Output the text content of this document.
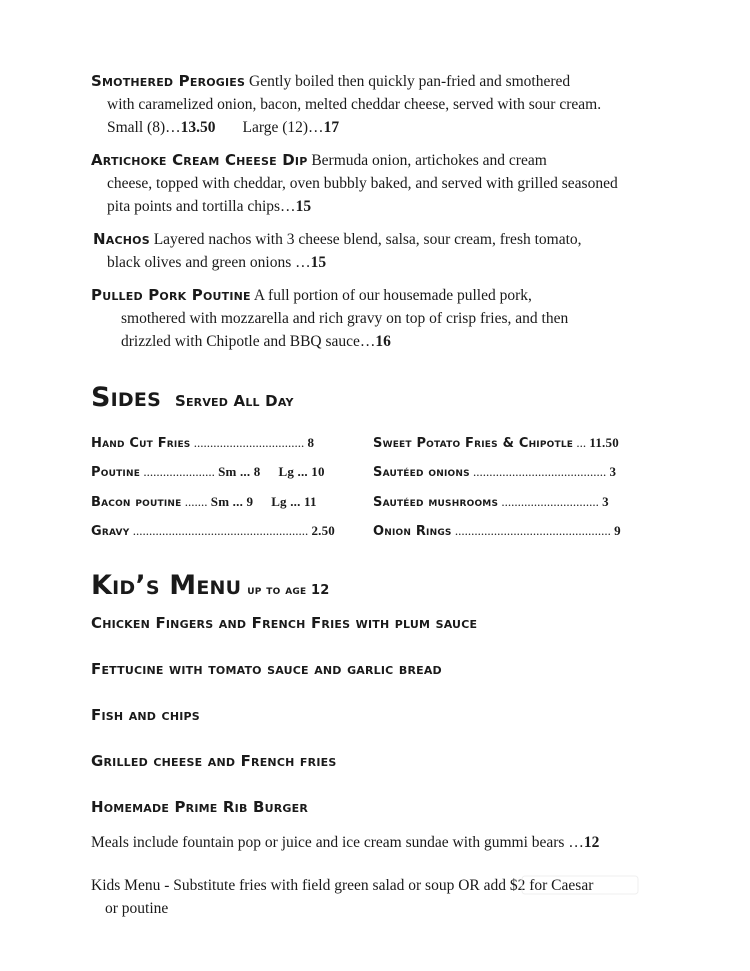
Smothered Perogies Gently boiled then quickly pan-fried and smothered
with caramelized onion, bacon, melted cheddar cheese, served with sour cream.
Small (8)…13.50 Large (12)…17
Artichoke Cream Cheese Dip Bermuda onion, artichokes and cream
cheese, topped with cheddar, oven bubbly baked, and served with grilled seasoned
pita points and tortilla chips…15
Nachos Layered nachos with 3 cheese blend, salsa, sour cream, fresh tomato,
black olives and green onions …15
Pulled Pork Poutine A full portion of our housemade pulled pork,
smothered with mozzarella and rich gravy on top of crisp fries, and then
drizzled with Chipotle and BBQ sauce…16
Sides Served All Day
Hand Cut Fries .................................. 8
Poutine ...................... Sm ... 8 Lg ... 10
Bacon poutine ....... Sm ... 9 Lg ... 11
Gravy ...................................................... 2.50
Sweet Potato Fries & Chipotle ... 11.50
Sautéed onions ......................................... 3
Sautéed mushrooms .............................. 3
Onion Rings ................................................ 9
Kid’s Menu up to age 12
Chicken Fingers and French Fries with plum sauce
Fettucine with tomato sauce and garlic bread
Fish and chips
Grilled cheese and French fries
Homemade Prime Rib Burger
Meals include fountain pop or juice and ice cream sundae with gummi bears …12
Kids Menu - Substitute fries with field green salad or soup OR add $2 for Caesar
or poutine
